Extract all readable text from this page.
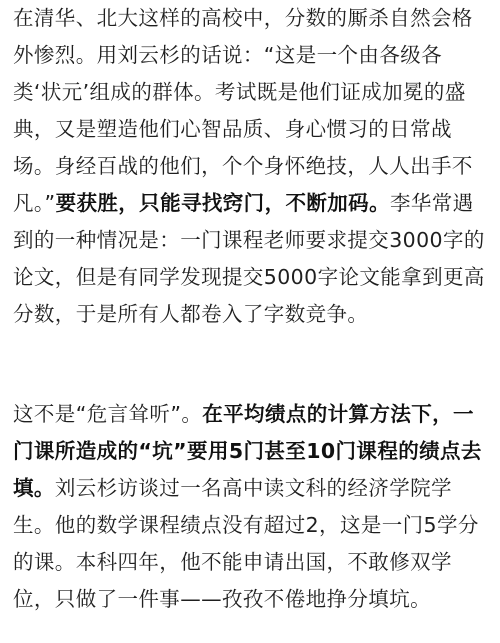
在清华、北大这样的高校中，分数的厮杀自然会格外惨烈。用刘云杉的话说：“这是一个由各级各类‘状元’组成的群体。考试既是他们证成加冕的盛典，又是塑造他们心智品质、身心惯习的日常战场。身经百战的他们，个个身怀绝技，人人出手不凡。”要获胜，只能寻找窍门，不断加码。李华常遇到的一种情况是：一门课程老师要求提交3000字的论文，但是有同学发现提交5000字论文能拿到更高分数，于是所有人都卷入了字数竞争。

这不是“危言耸听”。在平均绩点的计算方法下，一门课所造成的“坑”要用5门甚至10门课程的绩点去填。刘云杉访谈过一名高中读文科的经济学院学生。他的数学课程绩点没有超过2，这是一门5学分的课。本科四年，他不能申请出国，不敢修双学位，只做了一件事——孜孜不倦地挣分填坑。
